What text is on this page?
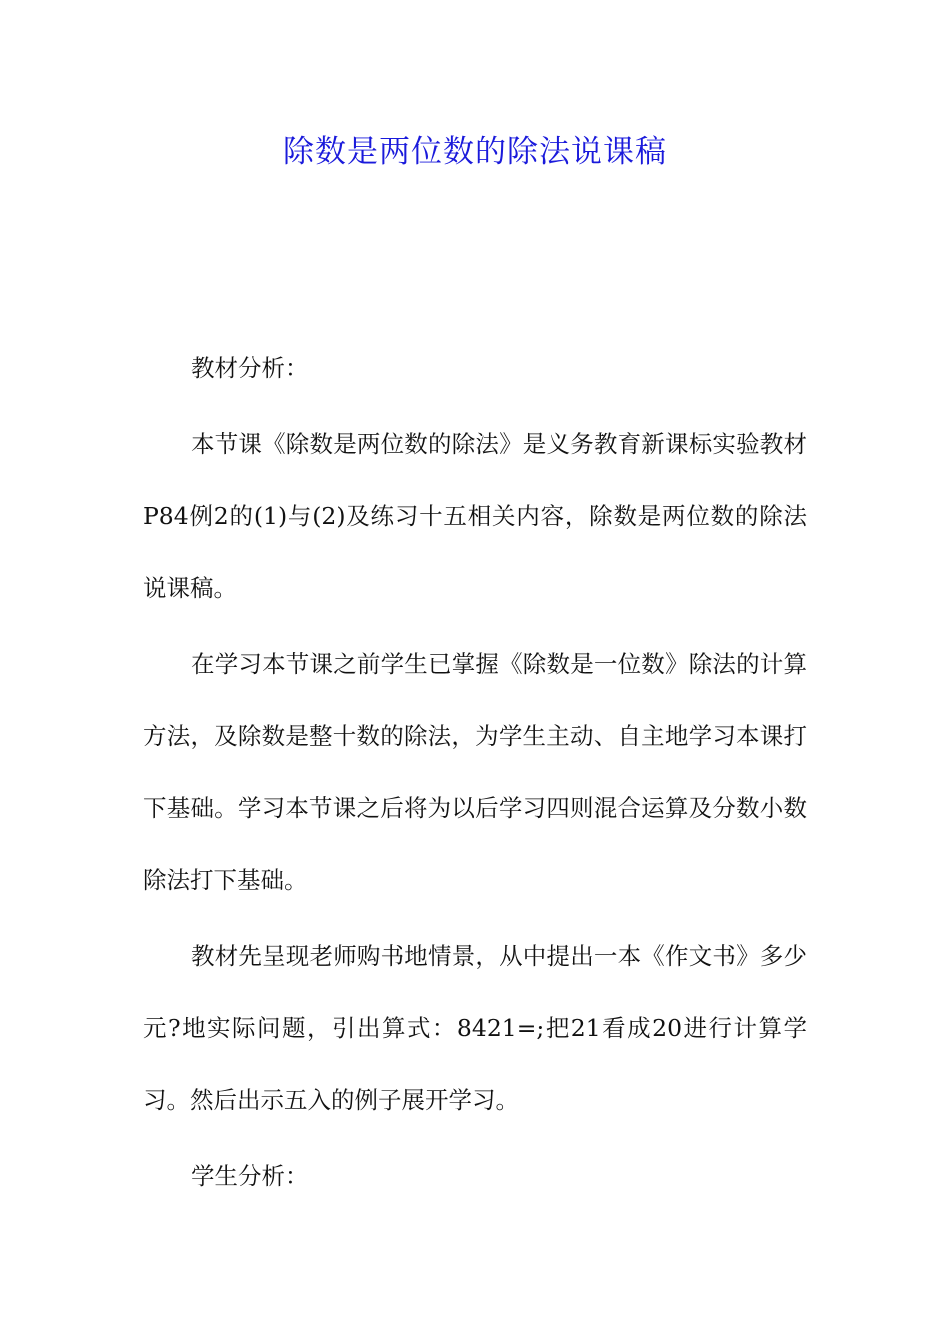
除数是两位数的除法说课稿

教材分析：

本节课《除数是两位数的除法》是义务教育新课标实验教材P84例2的(1)与(2)及练习十五相关内容，除数是两位数的除法说课稿。

在学习本节课之前学生已掌握《除数是一位数》除法的计算方法，及除数是整十数的除法，为学生主动、自主地学习本课打下基础。学习本节课之后将为以后学习四则混合运算及分数小数除法打下基础。

教材先呈现老师购书地情景，从中提出一本《作文书》多少元?地实际问题，引出算式：8421=;把21看成20进行计算学习。然后出示五入的例子展开学习。

学生分析：
